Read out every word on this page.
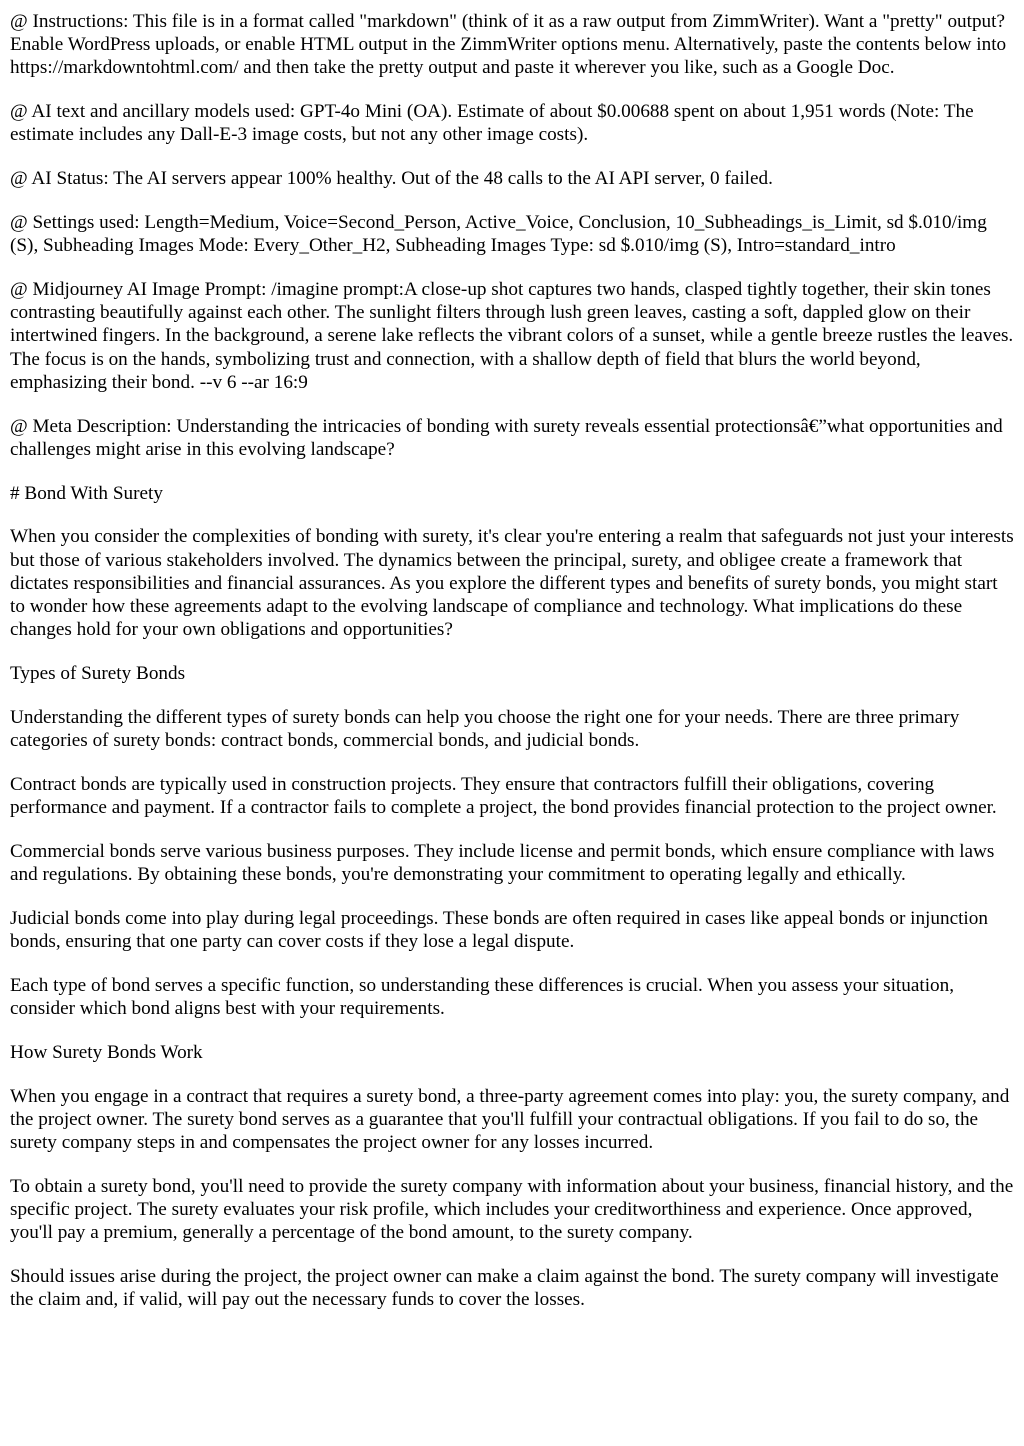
@ Instructions: This file is in a format called "markdown" (think of it as a raw output from ZimmWriter). Want a "pretty" output? Enable WordPress uploads, or enable HTML output in the ZimmWriter options menu. Alternatively, paste the contents below into https://markdowntohtml.com/ and then take the pretty output and paste it wherever you like, such as a Google Doc.

@ AI text and ancillary models used: GPT-4o Mini (OA). Estimate of about $0.00688 spent on about 1,951 words (Note: The estimate includes any Dall-E-3 image costs, but not any other image costs).

@ AI Status: The AI servers appear 100% healthy. Out of the 48 calls to the AI API server, 0 failed.

@ Settings used: Length=Medium, Voice=Second_Person, Active_Voice, Conclusion, 10_Subheadings_is_Limit, sd $.010/img (S), Subheading Images Mode: Every_Other_H2, Subheading Images Type: sd $.010/img (S), Intro=standard_intro

@ Midjourney AI Image Prompt: /imagine prompt:A close-up shot captures two hands, clasped tightly together, their skin tones contrasting beautifully against each other. The sunlight filters through lush green leaves, casting a soft, dappled glow on their intertwined fingers. In the background, a serene lake reflects the vibrant colors of a sunset, while a gentle breeze rustles the leaves. The focus is on the hands, symbolizing trust and connection, with a shallow depth of field that blurs the world beyond, emphasizing their bond. --v 6 --ar 16:9

@ Meta Description: Understanding the intricacies of bonding with surety reveals essential protectionsâ€”what opportunities and challenges might arise in this evolving landscape?

# Bond With Surety

When you consider the complexities of bonding with surety, it's clear you're entering a realm that safeguards not just your interests but those of various stakeholders involved. The dynamics between the principal, surety, and obligee create a framework that dictates responsibilities and financial assurances. As you explore the different types and benefits of surety bonds, you might start to wonder how these agreements adapt to the evolving landscape of compliance and technology. What implications do these changes hold for your own obligations and opportunities?

Types of Surety Bonds

Understanding the different types of surety bonds can help you choose the right one for your needs. There are three primary categories of surety bonds: contract bonds, commercial bonds, and judicial bonds.

Contract bonds are typically used in construction projects. They ensure that contractors fulfill their obligations, covering performance and payment. If a contractor fails to complete a project, the bond provides financial protection to the project owner.

Commercial bonds serve various business purposes. They include license and permit bonds, which ensure compliance with laws and regulations. By obtaining these bonds, you're demonstrating your commitment to operating legally and ethically.

Judicial bonds come into play during legal proceedings. These bonds are often required in cases like appeal bonds or injunction bonds, ensuring that one party can cover costs if they lose a legal dispute.

Each type of bond serves a specific function, so understanding these differences is crucial. When you assess your situation, consider which bond aligns best with your requirements.

How Surety Bonds Work

When you engage in a contract that requires a surety bond, a three-party agreement comes into play: you, the surety company, and the project owner. The surety bond serves as a guarantee that you'll fulfill your contractual obligations. If you fail to do so, the surety company steps in and compensates the project owner for any losses incurred.

To obtain a surety bond, you'll need to provide the surety company with information about your business, financial history, and the specific project. The surety evaluates your risk profile, which includes your creditworthiness and experience. Once approved, you'll pay a premium, generally a percentage of the bond amount, to the surety company.

Should issues arise during the project, the project owner can make a claim against the bond. The surety company will investigate the claim and, if valid, will pay out the necessary funds to cover the losses.
